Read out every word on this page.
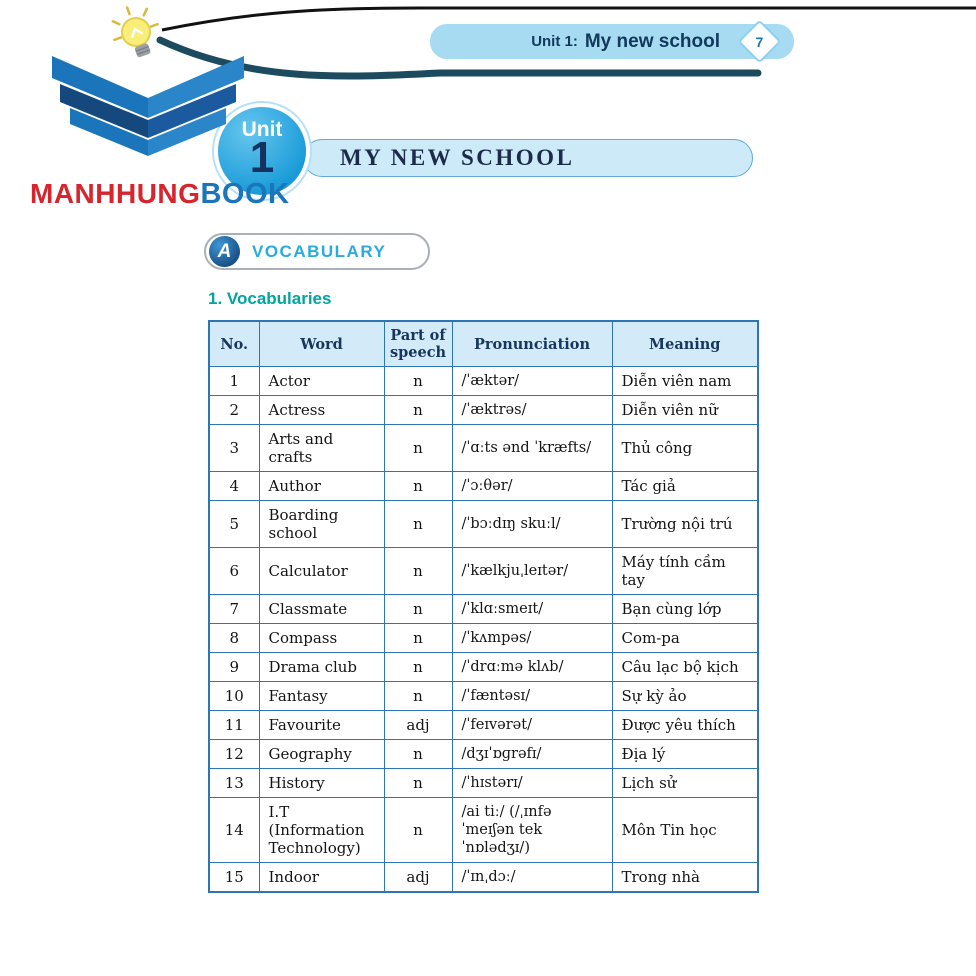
Unit 1: My new school	7
MANHHUNGBOOK
Unit
1	MY NEW SCHOOL
A	VOCABULARY
1. Vocabularies
No.	Word	Part of speech	Pronunciation	Meaning
1	Actor	n	/ˈæktər/	Diễn viên nam
2	Actress	n	/ˈæktrəs/	Diễn viên nữ
3	Arts and crafts	n	/ˈɑːts ənd ˈkræfts/	Thủ công
4	Author	n	/ˈɔːθər/	Tác giả
5	Boarding school	n	/ˈbɔːdɪŋ skuːl/	Trường nội trú
6	Calculator	n	/ˈkælkjuˌleɪtər/	Máy tính cầm tay
7	Classmate	n	/ˈklɑːsmeɪt/	Bạn cùng lớp
8	Compass	n	/ˈkʌmpəs/	Com-pa
9	Drama club	n	/ˈdrɑːmə klʌb/	Câu lạc bộ kịch
10	Fantasy	n	/ˈfæntəsɪ/	Sự kỳ ảo
11	Favourite	adj	/ˈfeɪvərət/	Được yêu thích
12	Geography	n	/dʒɪˈɒɡrəfɪ/	Địa lý
13	History	n	/ˈhɪstərɪ/	Lịch sử
14	I.T (Information Technology)	n	/ai tiː/ (/ˌɪnfəˈmeɪʃən tekˈnɒlədʒɪ/)	Môn Tin học
15	Indoor	adj	/ˈɪnˌdɔː/	Trong nhà
